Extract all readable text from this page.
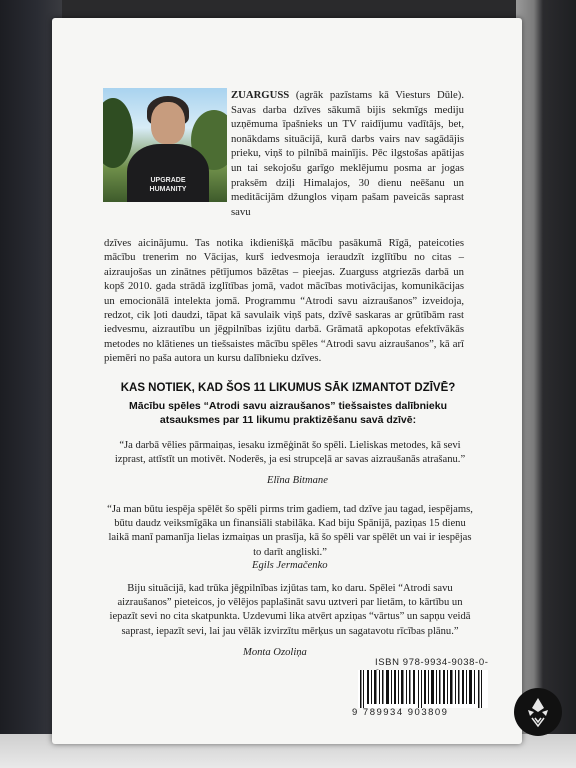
UPGRADE HUMANITY
ZUARGUSS (agrāk pazīstams kā Viesturs Dūle). Savas darba dzīves sākumā bijis sekmīgs mediju uzņēmuma īpašnieks un TV raidījumu vadītājs, bet, nonākdams situācijā, kurā darbs vairs nav sagādājis prieku, viņš to pilnībā mainījis. Pēc ilgstošas apātijas un tai sekojošu garīgo meklējumu posma ar jogas praksēm dziļi Himalajos, 30 dienu neēšanu un meditācijām džunglos viņam pašam paveicās saprast savu
dzīves aicinājumu. Tas notika ikdienišķā mācību pasākumā Rīgā, pateicoties mācību trenerim no Vācijas, kurš iedvesmoja ieraudzīt izglītību no citas – aizraujošas un zinātnes pētījumos bāzētas – pieejas. Zuarguss atgriezās darbā un kopš 2010. gada strādā izglītības jomā, vadot mācības motivācijas, komunikācijas un emocionālā intelekta jomā. Programmu “Atrodi savu aizraušanos” izveidoja, redzot, cik ļoti daudzi, tāpat kā savulaik viņš pats, dzīvē saskaras ar grūtībām rast iedvesmu, aizrautību un jēgpilnības izjūtu darbā. Grāmatā apkopotas efektīvākās metodes no klātienes un tiešsaistes mācību spēles “Atrodi savu aizraušanos”, kā arī piemēri no paša autora un kursu dalībnieku dzīves.
KAS NOTIEK, KAD ŠOS 11 LIKUMUS SĀK IZMANTOT DZĪVĒ?
Mācību spēles “Atrodi savu aizraušanos” tiešsaistes dalībnieku atsauksmes par 11 likumu praktizēšanu savā dzīvē:
“Ja darbā vēlies pārmaiņas, iesaku izmēģināt šo spēli. Lieliskas metodes, kā sevi izprast, attīstīt un motivēt. Noderēs, ja esi strupceļā ar savas aizraušanās atrašanu.”
Elīna Bitmane
“Ja man būtu iespēja spēlēt šo spēli pirms trim gadiem, tad dzīve jau tagad, iespējams, būtu daudz veiksmīgāka un finansiāli stabilāka. Kad biju Spānijā, paziņas 15 dienu laikā manī pamanīja lielas izmaiņas un prasīja, kā šo spēli var spēlēt un vai ir iespējas to darīt angliski.”
Egils Jermačenko
Biju situācijā, kad trūka jēgpilnības izjūtas tam, ko daru. Spēlei “Atrodi savu aizraušanos” pieteicos, jo vēlējos paplašināt savu uztveri par lietām, to kārtību un iepazīt sevi no cita skatpunkta. Uzdevumi lika atvērt apziņas “vārtus” un sapņu veidā saprast, iepazīt sevi, lai jau vēlāk izvirzītu mērķus un sagatavotu rīcības plānu.”
Monta Ozoliņa
ISBN 978-9934-9038-0-
9 789934 903809
